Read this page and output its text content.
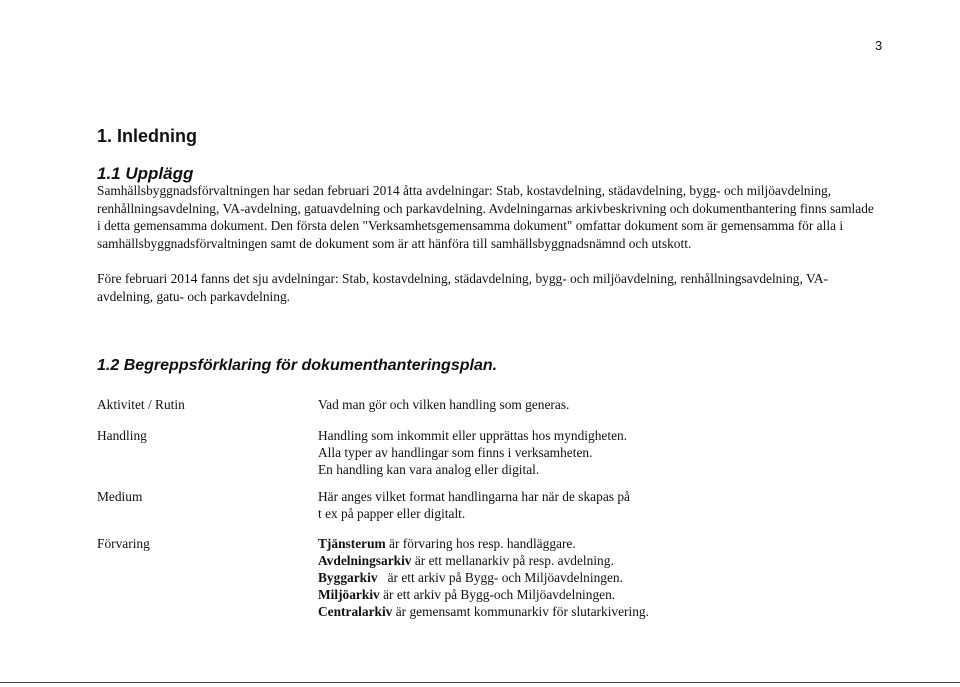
3
1. Inledning
1.1 Upplägg

Samhällsbyggnadsförvaltningen har sedan februari 2014 åtta avdelningar: Stab, kostavdelning, städavdelning, bygg- och miljöavdelning, renhållningsavdelning, VA-avdelning, gatuavdelning och parkavdelning. Avdelningarnas arkivbeskrivning och dokumenthantering finns samlade i detta gemensamma dokument. Den första delen "Verksamhetsgemensamma dokument" omfattar dokument som är gemensamma för alla i samhällsbyggnadsförvaltningen samt de dokument som är att hänföra till samhällsbyggnadsnämnd och utskott.

Före februari 2014 fanns det sju avdelningar: Stab, kostavdelning, städavdelning, bygg- och miljöavdelning, renhållningsavdelning, VA-avdelning, gatu- och parkavdelning.

1.2 Begreppsförklaring för dokumenthanteringsplan.
Aktivitet / Rutin	Vad man gör och vilken handling som generas.
Handling	Handling som inkommit eller upprättas hos myndigheten.
Alla typer av handlingar som finns i verksamheten.
En handling kan vara analog eller digital.
Medium	Här anges vilket format handlingarna har när de skapas på
t ex på papper eller digitalt.
Förvaring	Tjänsterum är förvaring hos resp. handläggare.
Avdelningsarkiv är ett mellanarkiv på resp. avdelning.
Byggarkiv   är ett arkiv på Bygg- och Miljöavdelningen.
Miljöarkiv är ett arkiv på Bygg-och Miljöavdelningen.
Centralarkiv är gemensamt kommunarkiv för slutarkivering.
